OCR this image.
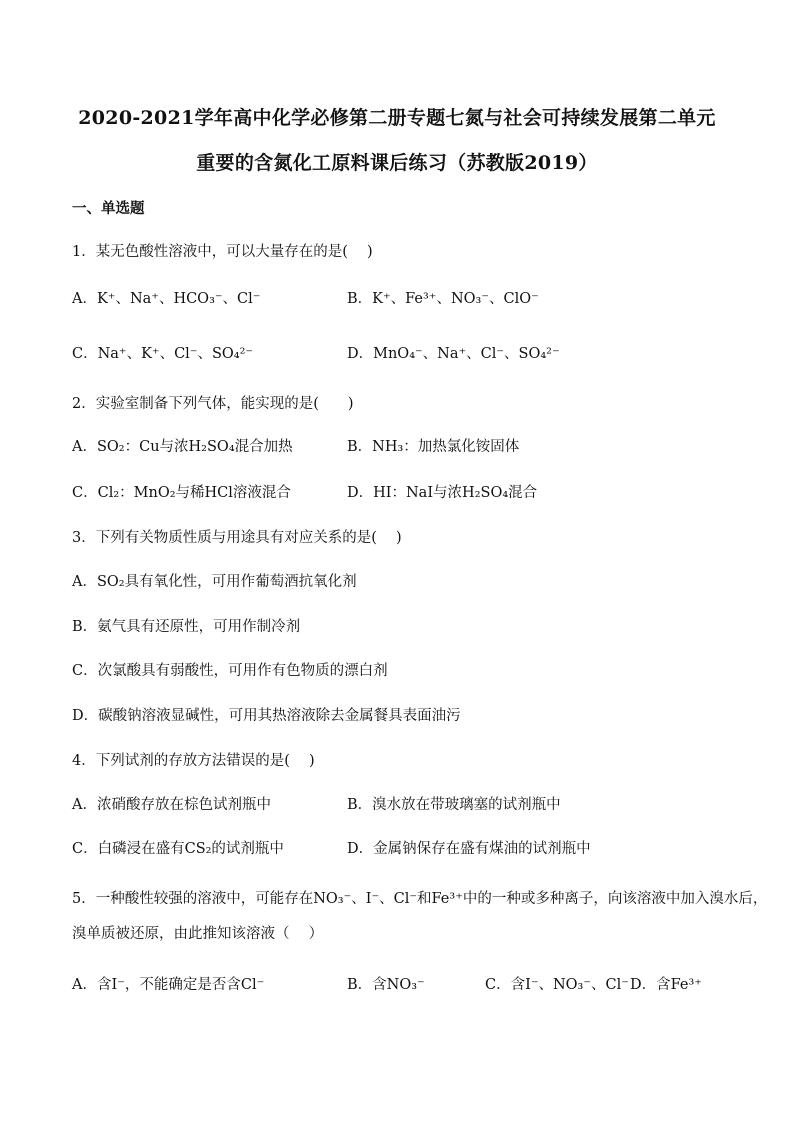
2020-2021学年高中化学必修第二册专题七氮与社会可持续发展第二单元
重要的含氮化工原料课后练习（苏教版2019）
一、单选题
1．某无色酸性溶液中，可以大量存在的是(　 )
A．K⁺、Na⁺、HCO₃⁻、Cl⁻	B．K⁺、Fe³⁺、NO₃⁻、ClO⁻
C．Na⁺、K⁺、Cl⁻、SO₄²⁻	D．MnO₄⁻、Na⁺、Cl⁻、SO₄²⁻
2．实验室制备下列气体，能实现的是(　　)
A．SO₂：Cu与浓H₂SO₄混合加热	B．NH₃：加热氯化铵固体
C．Cl₂：MnO₂与稀HCl溶液混合	D．HI：NaI与浓H₂SO₄混合
3．下列有关物质性质与用途具有对应关系的是(　 )
A．SO₂具有氧化性，可用作葡萄酒抗氧化剂
B．氨气具有还原性，可用作制冷剂
C．次氯酸具有弱酸性，可用作有色物质的漂白剂
D．碳酸钠溶液显碱性，可用其热溶液除去金属餐具表面油污
4．下列试剂的存放方法错误的是(　 )
A．浓硝酸存放在棕色试剂瓶中	B．溴水放在带玻璃塞的试剂瓶中
C．白磷浸在盛有CS₂的试剂瓶中	D．金属钠保存在盛有煤油的试剂瓶中
5．一种酸性较强的溶液中，可能存在NO₃⁻、I⁻、Cl⁻和Fe³⁺中的一种或多种离子，向该溶液中加入溴水后，
溴单质被还原，由此推知该溶液（　 ）
A．含I⁻，不能确定是否含Cl⁻	B．含NO₃⁻	C．含I⁻、NO₃⁻、Cl⁻ D．含Fe³⁺
